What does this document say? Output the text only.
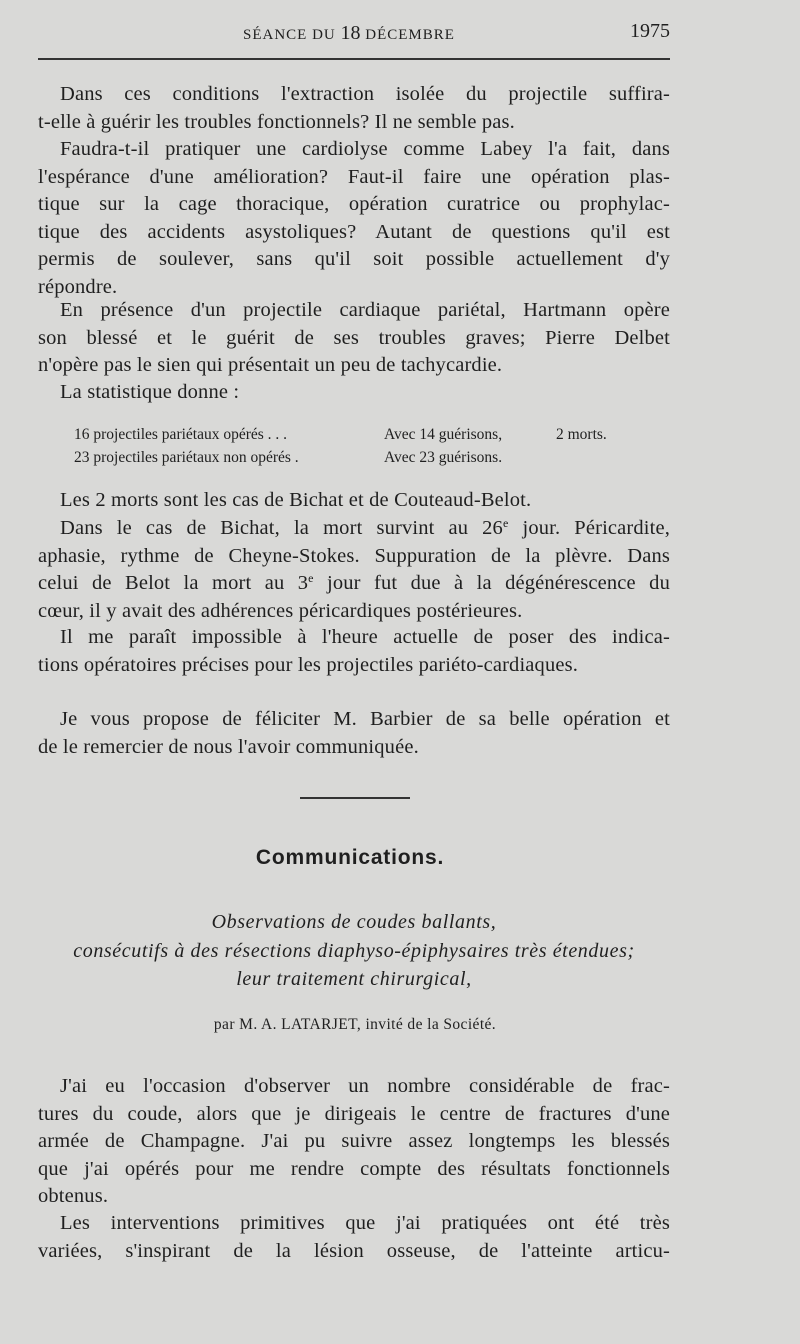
SÉANCE DU 18 DÉCEMBRE	1975
Dans ces conditions l'extraction isolée du projectile suffira-
t-elle à guérir les troubles fonctionnels? Il ne semble pas.
Faudra-t-il pratiquer une cardiolyse comme Labey l'a fait, dans
l'espérance d'une amélioration? Faut-il faire une opération plas-
tique sur la cage thoracique, opération curatrice ou prophylac-
tique des accidents asystoliques? Autant de questions qu'il est
permis de soulever, sans qu'il soit possible actuellement d'y
répondre.
En présence d'un projectile cardiaque pariétal, Hartmann opère
son blessé et le guérit de ses troubles graves; Pierre Delbet
n'opère pas le sien qui présentait un peu de tachycardie.
La statistique donne :
16 projectiles pariétaux opérés . . .	Avec 14 guérisons,	2 morts.
23 projectiles pariétaux non opérés .	Avec 23 guérisons.
Les 2 morts sont les cas de Bichat et de Couteaud-Belot.
Dans le cas de Bichat, la mort survint au 26e jour. Péricardite,
aphasie, rythme de Cheyne-Stokes. Suppuration de la plèvre. Dans
celui de Belot la mort au 3e jour fut due à la dégénérescence du
cœur, il y avait des adhérences péricardiques postérieures.
Il me paraît impossible à l'heure actuelle de poser des indica-
tions opératoires précises pour les projectiles pariéto-cardiaques.
Je vous propose de féliciter M. Barbier de sa belle opération et
de le remercier de nous l'avoir communiquée.
Communications.
Observations de coudes ballants,
consécutifs à des résections diaphyso-épiphysaires très étendues;
leur traitement chirurgical,
par M. A. LATARJET, invité de la Société.
J'ai eu l'occasion d'observer un nombre considérable de frac-
tures du coude, alors que je dirigeais le centre de fractures d'une
armée de Champagne. J'ai pu suivre assez longtemps les blessés
que j'ai opérés pour me rendre compte des résultats fonctionnels
obtenus.
Les interventions primitives que j'ai pratiquées ont été très
variées, s'inspirant de la lésion osseuse, de l'atteinte articu-
